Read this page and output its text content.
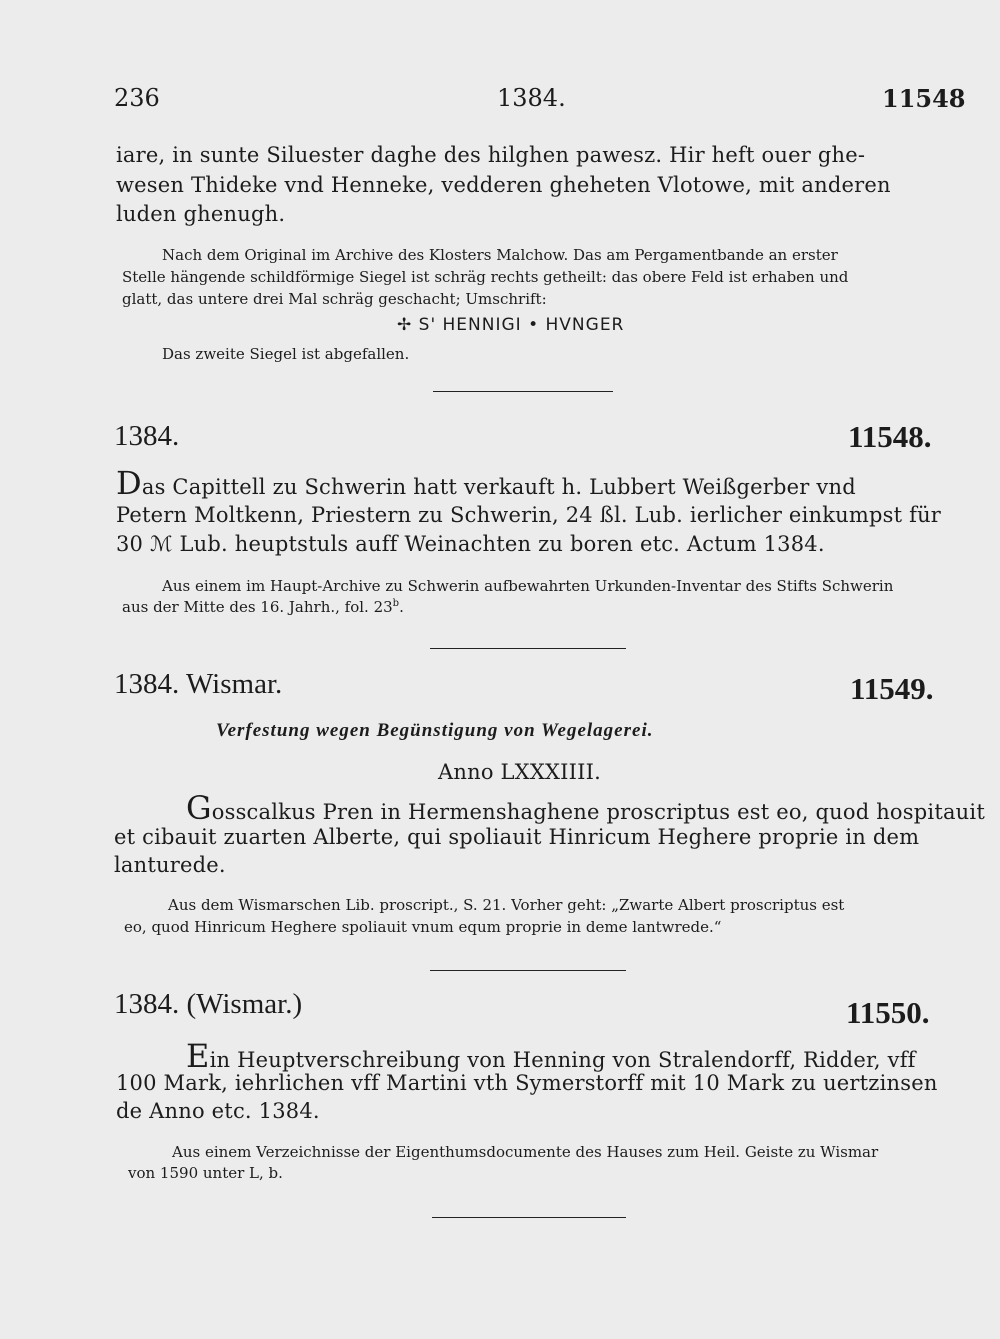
236	1384.	11548
iare, in sunte Siluester daghe des hilghen pawesz. Hir heft ouer ghe-
wesen Thideke vnd Henneke, vedderen gheheten Vlotowe, mit anderen
luden ghenugh.
Nach dem Original im Archive des Klosters Malchow. Das am Pergamentbande an erster
Stelle hängende schildförmige Siegel ist schräg rechts getheilt: das obere Feld ist erhaben und
glatt, das untere drei Mal schräg geschacht; Umschrift:
✢ S' HENNIGI • HVNGER
Das zweite Siegel ist abgefallen.
1384.	11548.
Das Capittell zu Schwerin hatt verkauft h. Lubbert Weißgerber vnd
Petern Moltkenn, Priestern zu Schwerin, 24 ßl. Lub. ierlicher einkumpst für
30 ℳ Lub. heuptstuls auff Weinachten zu boren etc. Actum 1384.
Aus einem im Haupt-Archive zu Schwerin aufbewahrten Urkunden-Inventar des Stifts Schwerin
aus der Mitte des 16. Jahrh., fol. 23$^b$.
1384. Wismar.	11549.
Verfestung wegen Begünstigung von Wegelagerei.
Anno LXXXIIII.
Gosscalkus Pren in Hermenshaghene proscriptus est eo, quod hospitauit
et cibauit zuarten Alberte, qui spoliauit Hinricum Heghere proprie in dem
lanturede.
Aus dem Wismarschen Lib. proscript., S. 21. Vorher geht: „Zwarte Albert proscriptus est
eo, quod Hinricum Heghere spoliauit vnum equm proprie in deme lantwrede.“
1384. (Wismar.)	11550.
Ein Heuptverschreibung von Henning von Stralendorff, Ridder, vff
100 Mark, iehrlichen vff Martini vth Symerstorff mit 10 Mark zu uertzinsen
de Anno etc. 1384.
Aus einem Verzeichnisse der Eigenthumsdocumente des Hauses zum Heil. Geiste zu Wismar
von 1590 unter L, b.
